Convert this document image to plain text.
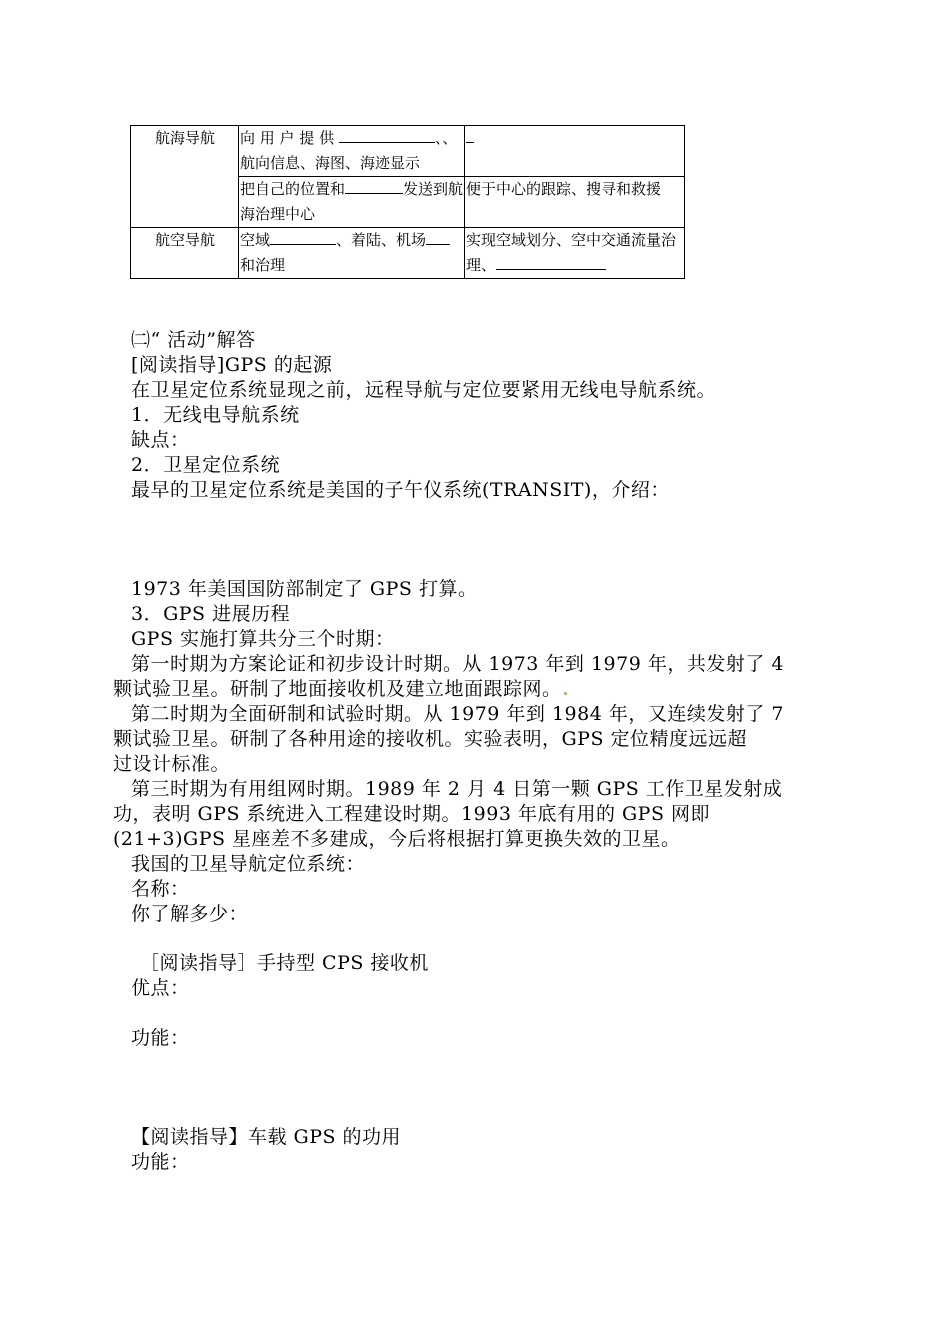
航海导航	向 用 户 提 供 、、航向信息、海图、海迹显示	
	把自己的位置和 发送到航海治理中心	便于中心的跟踪、搜寻和救援
航空导航	空域 、着陆、机场和治理	实现空域划分、空中交通流量治理、
㈡“ 活动”解答
[阅读指导]GPS 的起源
在卫星定位系统显现之前，远程导航与定位要紧用无线电导航系统。
1．无线电导航系统
缺点：
2．卫星定位系统
最早的卫星定位系统是美国的子午仪系统(TRANSIT)，介绍：
1973 年美国国防部制定了 GPS 打算。
3．GPS 进展历程
GPS 实施打算共分三个时期：
第一时期为方案论证和初步设计时期。从 1973 年到 1979 年，共发射了 4
颗试验卫星。研制了地面接收机及建立地面跟踪网。
第二时期为全面研制和试验时期。从 1979 年到 1984 年，又连续发射了 7
颗试验卫星。研制了各种用途的接收机。实验表明，GPS 定位精度远远超
过设计标准。
第三时期为有用组网时期。1989 年 2 月 4 日第一颗 GPS 工作卫星发射成
功，表明 GPS 系统进入工程建设时期。1993 年底有用的 GPS 网即
(21+3)GPS 星座差不多建成，今后将根据打算更换失效的卫星。
我国的卫星导航定位系统：
名称：
你了解多少：
［阅读指导］手持型 CPS 接收机
优点：
功能：
【阅读指导】车载 GPS 的功用
功能：
